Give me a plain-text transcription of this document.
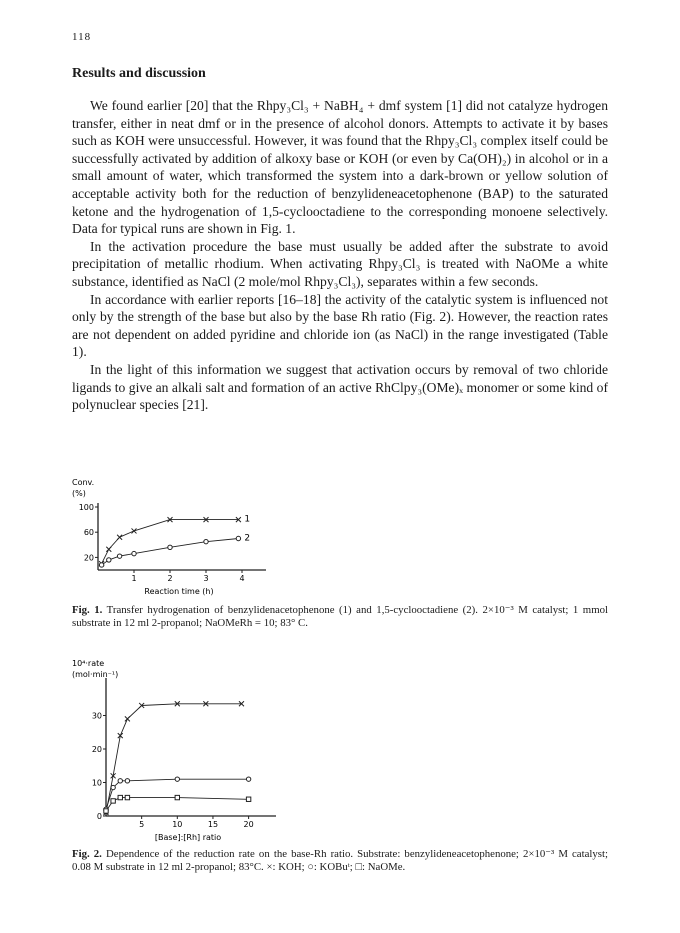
118
Results and discussion

We found earlier [20] that the Rhpy₃Cl₃ + NaBH₄ + dmf system [1] did not catalyze hydrogen transfer, either in neat dmf or in the presence of alcohol donors. Attempts to activate it by bases such as KOH were unsuccessful. However, it was found that the Rhpy₃Cl₃ complex itself could be successfully activated by addition of alkoxy base or KOH (or even by Ca(OH)₂) in alcohol or in a small amount of water, which transformed the system into a dark-brown or yellow solution of acceptable activity both for the reduction of benzylideneacetophenone (BAP) to the saturated ketone and the hydrogenation of 1,5-cyclooctadiene to the corresponding monoene selectively. Data for typical runs are shown in Fig. 1.

In the activation procedure the base must usually be added after the substrate to avoid precipitation of metallic rhodium. When activating Rhpy₃Cl₃ is treated with NaOMe a white substance, identified as NaCl (2 mole/mol Rhpy₃Cl₃), separates within a few seconds.

In accordance with earlier reports [16–18] the activity of the catalytic system is influenced not only by the strength of the base but also by the base Rh ratio (Fig. 2). However, the reaction rates are not dependent on added pyridine and chloride ion (as NaCl) in the range investigated (Table 1).

In the light of this information we suggest that activation occurs by removal of two chloride ligands to give an alkali salt and formation of an active RhClpy₃(OMe)ₓ monomer or some kind of polynuclear species [21].

1	2	3	4
20
60
100
1
2
Conv.
(%)
Reaction time (h)
Fig. 1. Transfer hydrogenation of benzylidenacetophenone (1) and 1,5-cyclooctadiene (2). 2×10⁻³ M catalyst; 1 mmol substrate in 12 ml 2-propanol; NaOMeRh = 10; 83° C.
5	10	15	20
0
10
20
30
10⁴·rate
(mol·min⁻¹)
[Base]:[Rh] ratio
Fig. 2. Dependence of the reduction rate on the base-Rh ratio. Substrate: benzylideneacetophenone; 2×10⁻³ M catalyst; 0.08 M substrate in 12 ml 2-propanol; 83°C. ×: KOH; ○: KOBuᵗ; □: NaOMe.
